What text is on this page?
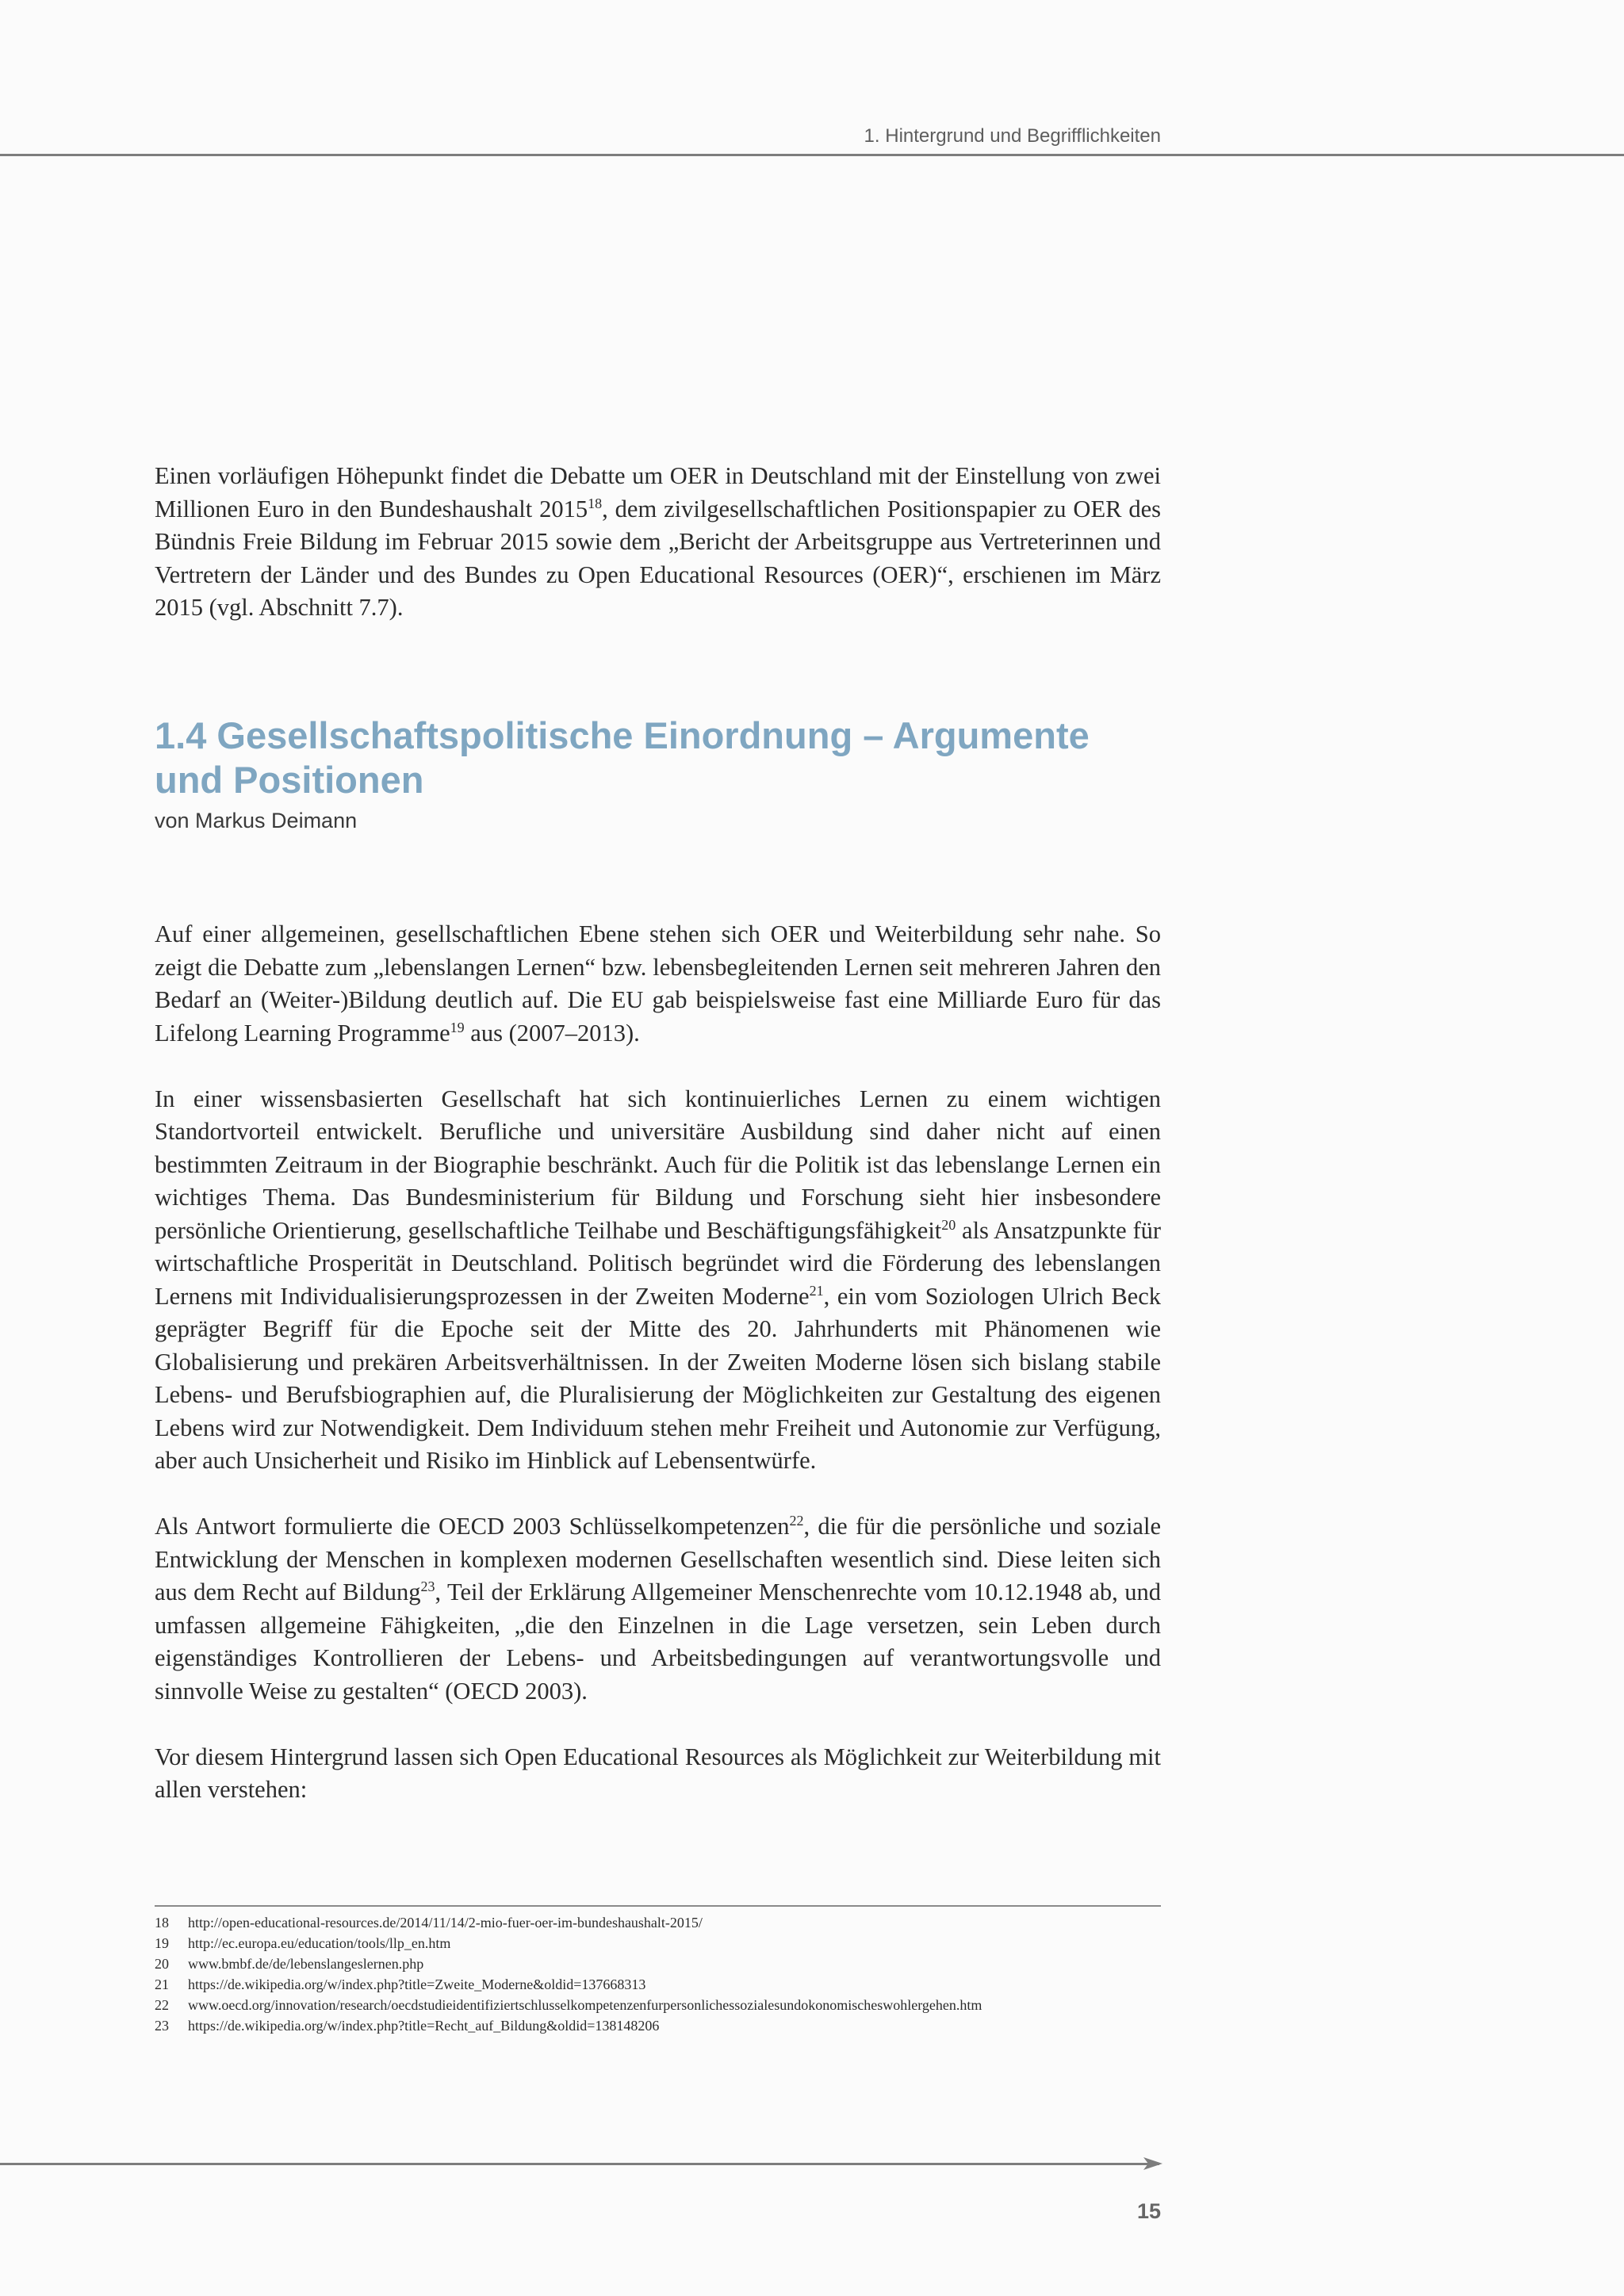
1. Hintergrund und Begrifflichkeiten

Einen vorläufigen Höhepunkt findet die Debatte um OER in Deutschland mit der Einstellung von zwei Millionen Euro in den Bundeshaushalt 2015$^{18}$, dem zivilgesellschaftlichen Positionspapier zu OER des Bündnis Freie Bildung im Februar 2015 sowie dem „Bericht der Arbeitsgruppe aus Vertreterinnen und Vertretern der Länder und des Bundes zu Open Educational Resources (OER)“, erschienen im März 2015 (vgl. Abschnitt 7.7).

1.4 Gesellschaftspolitische Einordnung – Argumente und Positionen

von Markus Deimann

Auf einer allgemeinen, gesellschaftlichen Ebene stehen sich OER und Weiterbildung sehr nahe. So zeigt die Debatte zum „lebenslangen Lernen“ bzw. lebensbegleitenden Lernen seit mehreren Jahren den Bedarf an (Weiter-)Bildung deutlich auf. Die EU gab beispielsweise fast eine Milliarde Euro für das Lifelong Learning Programme$^{19}$ aus (2007–2013).

In einer wissensbasierten Gesellschaft hat sich kontinuierliches Lernen zu einem wichtigen Standortvorteil entwickelt. Berufliche und universitäre Ausbildung sind daher nicht auf einen bestimmten Zeitraum in der Biographie beschränkt. Auch für die Politik ist das lebenslange Lernen ein wichtiges Thema. Das Bundesministerium für Bildung und Forschung sieht hier insbesondere persönliche Orientierung, gesellschaftliche Teilhabe und Beschäftigungsfähigkeit$^{20}$ als Ansatzpunkte für wirtschaftliche Prosperität in Deutschland. Politisch begründet wird die Förderung des lebenslangen Lernens mit Individualisierungsprozessen in der Zweiten Moderne$^{21}$, ein vom Soziologen Ulrich Beck geprägter Begriff für die Epoche seit der Mitte des 20. Jahrhunderts mit Phänomenen wie Globalisierung und prekären Arbeitsverhältnissen. In der Zweiten Moderne lösen sich bislang stabile Lebens- und Berufsbiographien auf, die Pluralisierung der Möglichkeiten zur Gestaltung des eigenen Lebens wird zur Notwendigkeit. Dem Individuum stehen mehr Freiheit und Autonomie zur Verfügung, aber auch Unsicherheit und Risiko im Hinblick auf Lebensentwürfe.

Als Antwort formulierte die OECD 2003 Schlüsselkompetenzen$^{22}$, die für die persönliche und soziale Entwicklung der Menschen in komplexen modernen Gesellschaften wesentlich sind. Diese leiten sich aus dem Recht auf Bildung$^{23}$, Teil der Erklärung Allgemeiner Menschenrechte vom 10.12.1948 ab, und umfassen allgemeine Fähigkeiten, „die den Einzelnen in die Lage versetzen, sein Leben durch eigenständiges Kontrollieren der Lebens- und Arbeitsbedingungen auf verantwortungsvolle und sinnvolle Weise zu gestalten“ (OECD 2003).

Vor diesem Hintergrund lassen sich Open Educational Resources als Möglichkeit zur Weiterbildung mit allen verstehen:

18	http://open-educational-resources.de/2014/11/14/2-mio-fuer-oer-im-bundeshaushalt-2015/
19	http://ec.europa.eu/education/tools/llp_en.htm
20	www.bmbf.de/de/lebenslangeslernen.php
21	https://de.wikipedia.org/w/index.php?title=Zweite_Moderne&oldid=137668313
22	www.oecd.org/innovation/research/oecdstudieidentifiziertschlusselkompetenzenfurpersonlichessozialesundokonomischeswohlergehen.htm
23	https://de.wikipedia.org/w/index.php?title=Recht_auf_Bildung&oldid=138148206
15
